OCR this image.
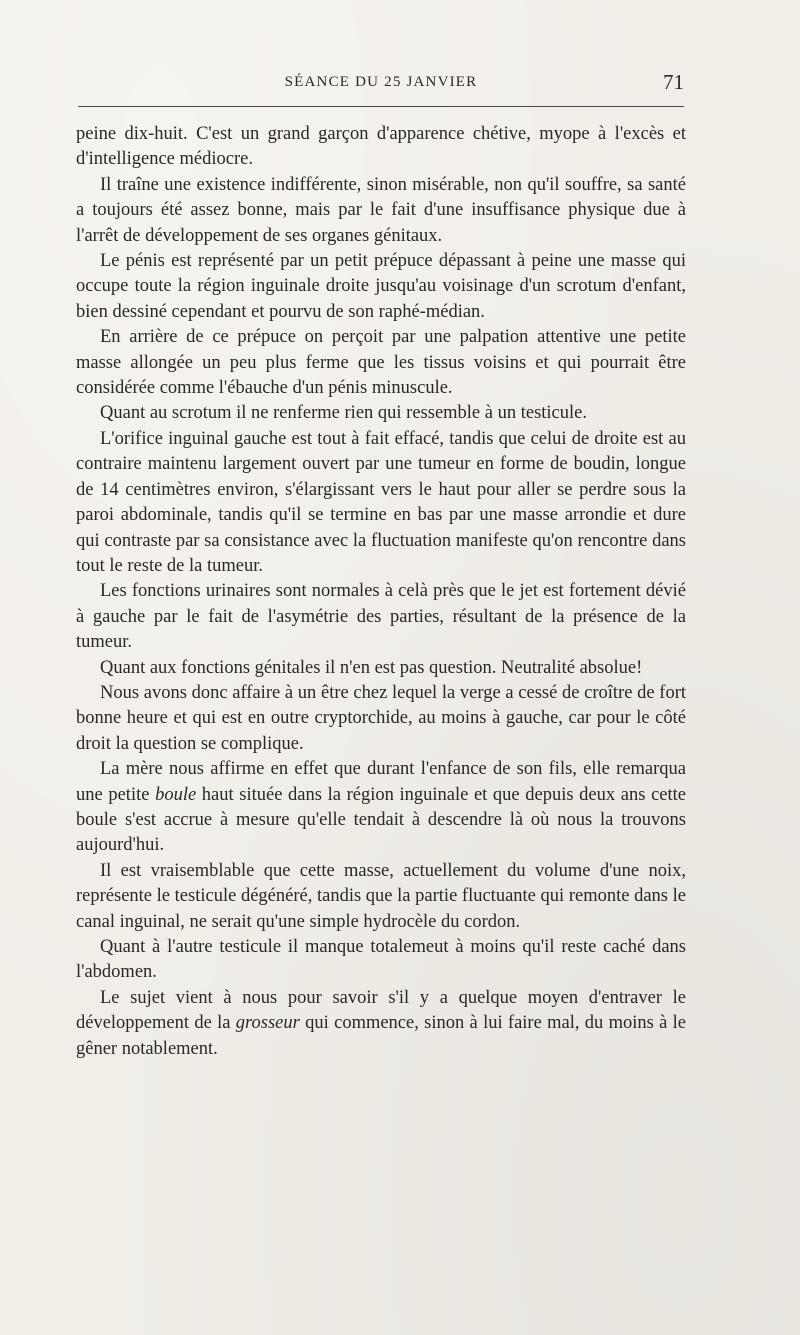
SÉANCE DU 25 JANVIER	71

peine dix-huit. C'est un grand garçon d'apparence chétive, myope à l'excès et d'intelligence médiocre.

Il traîne une existence indifférente, sinon misérable, non qu'il souffre, sa santé a toujours été assez bonne, mais par le fait d'une insuffisance physique due à l'arrêt de développement de ses organes génitaux.

Le pénis est représenté par un petit prépuce dépassant à peine une masse qui occupe toute la région inguinale droite jusqu'au voisinage d'un scrotum d'enfant, bien dessiné cependant et pourvu de son raphé-médian.

En arrière de ce prépuce on perçoit par une palpation attentive une petite masse allongée un peu plus ferme que les tissus voisins et qui pourrait être considérée comme l'ébauche d'un pénis minuscule.

Quant au scrotum il ne renferme rien qui ressemble à un testicule.

L'orifice inguinal gauche est tout à fait effacé, tandis que celui de droite est au contraire maintenu largement ouvert par une tumeur en forme de boudin, longue de 14 centimètres environ, s'élargissant vers le haut pour aller se perdre sous la paroi abdominale, tandis qu'il se termine en bas par une masse arrondie et dure qui contraste par sa consistance avec la fluctuation manifeste qu'on rencontre dans tout le reste de la tumeur.

Les fonctions urinaires sont normales à celà près que le jet est fortement dévié à gauche par le fait de l'asymétrie des parties, résultant de la présence de la tumeur.

Quant aux fonctions génitales il n'en est pas question. Neutralité absolue!

Nous avons donc affaire à un être chez lequel la verge a cessé de croître de fort bonne heure et qui est en outre cryptorchide, au moins à gauche, car pour le côté droit la question se complique.

La mère nous affirme en effet que durant l'enfance de son fils, elle remarqua une petite boule haut située dans la région inguinale et que depuis deux ans cette boule s'est accrue à mesure qu'elle tendait à descendre là où nous la trouvons aujourd'hui.

Il est vraisemblable que cette masse, actuellement du volume d'une noix, représente le testicule dégénéré, tandis que la partie fluctuante qui remonte dans le canal inguinal, ne serait qu'une simple hydrocèle du cordon.

Quant à l'autre testicule il manque totalemeut à moins qu'il reste caché dans l'abdomen.

Le sujet vient à nous pour savoir s'il y a quelque moyen d'entraver le développement de la grosseur qui commence, sinon à lui faire mal, du moins à le gêner notablement.
